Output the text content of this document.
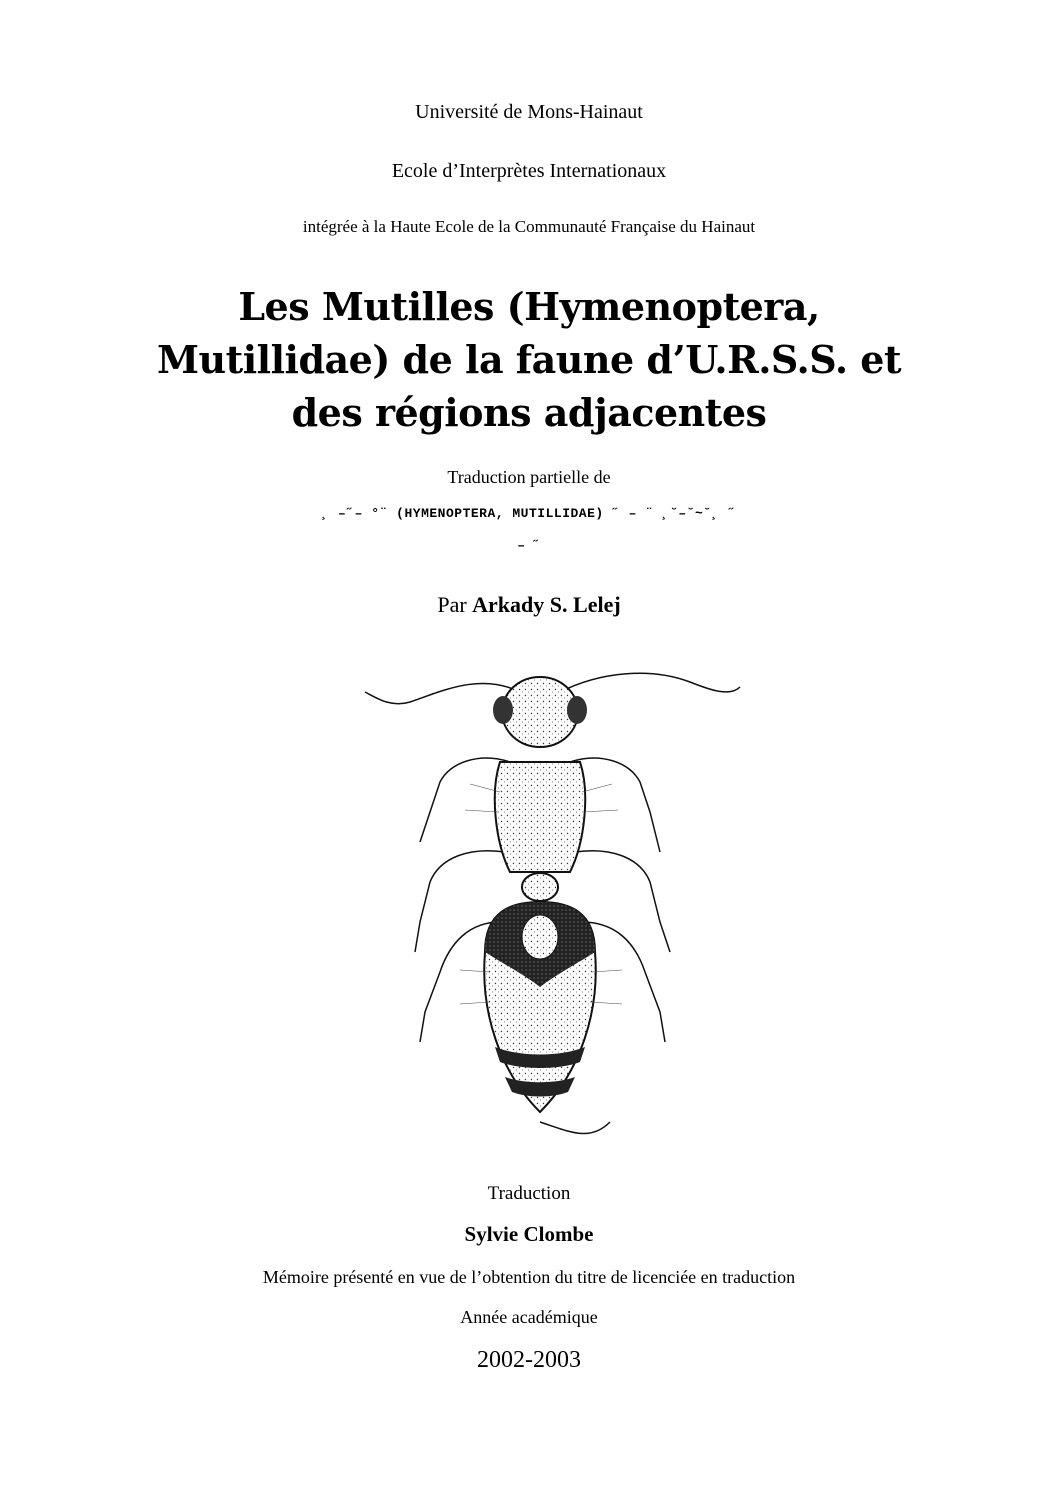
Université de Mons-Hainaut
Ecole d’Interprètes Internationaux
intégrée à la Haute Ecole de la Communauté Française du Hainaut
Les Mutilles (Hymenoptera,
Mutillidae) de la faune d’U.R.S.S. et
des régions adjacentes
Traduction partielle de
¸ –˝– °¨ (HYMENOPTERA, MUTILLIDAE) ˝ – ¨ ¸˘–˘~˘¸ ˝
– ˝
Par Arkady S. Lelej
Traduction
Sylvie Clombe
Mémoire présenté en vue de l’obtention du titre de licenciée en traduction
Année académique
2002-2003
